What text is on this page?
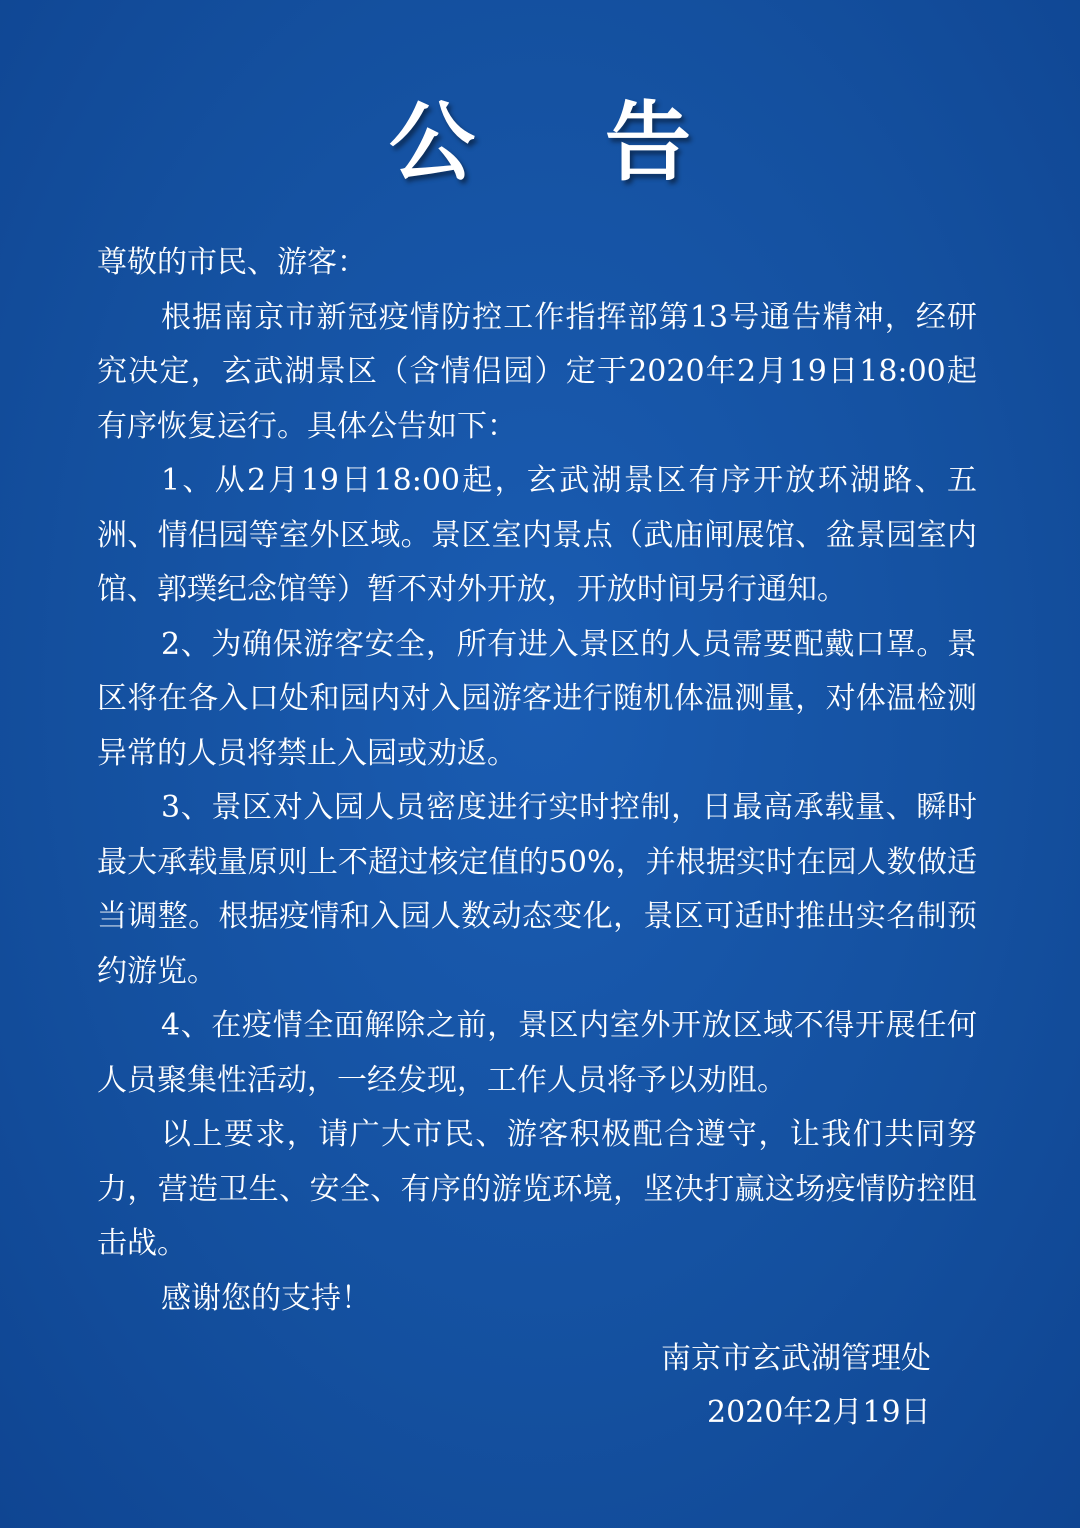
公 告

尊敬的市民、游客：

根据南京市新冠疫情防控工作指挥部第13号通告精神，经研究决定，玄武湖景区（含情侣园）定于2020年2月19日18:00起有序恢复运行。具体公告如下：

1、从2月19日18:00起，玄武湖景区有序开放环湖路、五洲、情侣园等室外区域。景区室内景点（武庙闸展馆、盆景园室内馆、郭璞纪念馆等）暂不对外开放，开放时间另行通知。

2、为确保游客安全，所有进入景区的人员需要配戴口罩。景区将在各入口处和园内对入园游客进行随机体温测量，对体温检测异常的人员将禁止入园或劝返。

3、景区对入园人员密度进行实时控制，日最高承载量、瞬时最大承载量原则上不超过核定值的50%，并根据实时在园人数做适当调整。根据疫情和入园人数动态变化，景区可适时推出实名制预约游览。

4、在疫情全面解除之前，景区内室外开放区域不得开展任何人员聚集性活动，一经发现，工作人员将予以劝阻。

以上要求，请广大市民、游客积极配合遵守，让我们共同努力，营造卫生、安全、有序的游览环境，坚决打赢这场疫情防控阻击战。

感谢您的支持！

南京市玄武湖管理处
2020年2月19日
